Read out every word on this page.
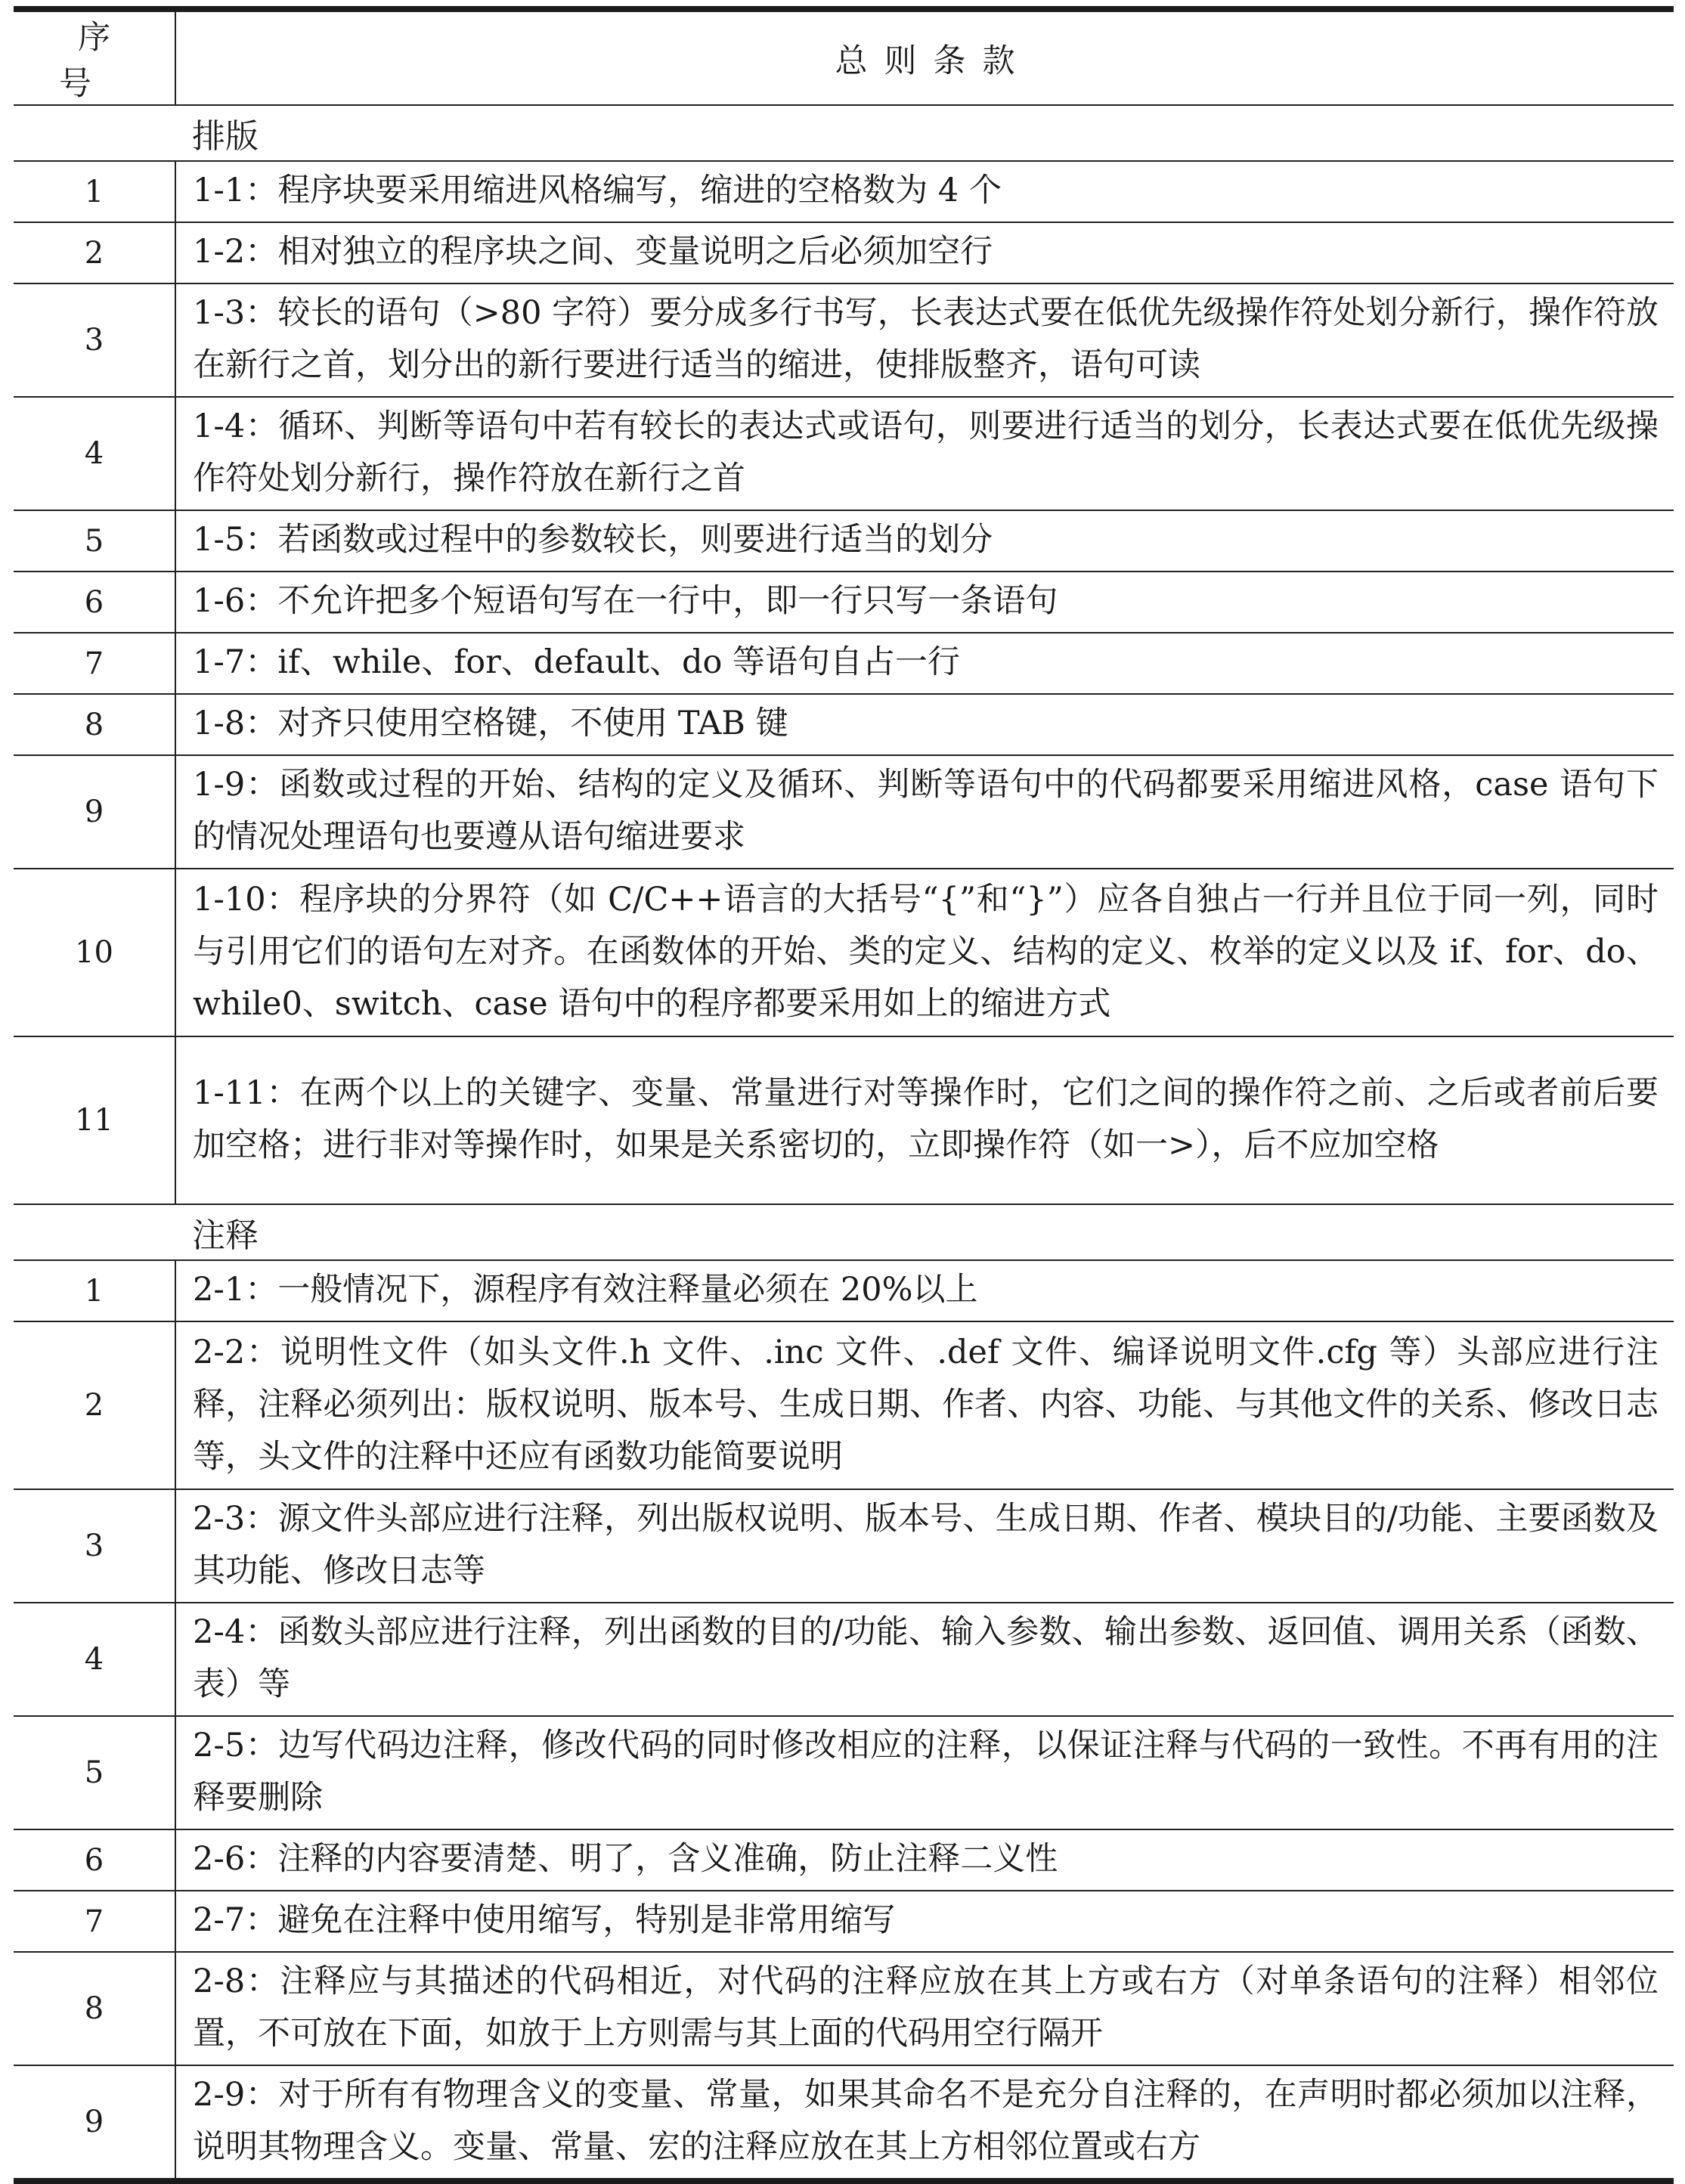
序号	总则条款
	排版
1	1-1：程序块要采用缩进风格编写，缩进的空格数为 4 个
2	1-2：相对独立的程序块之间、变量说明之后必须加空行
3	1-3：较长的语句（>80 字符）要分成多行书写，长表达式要在低优先级操作符处划分新行，操作符放在新行之首，划分出的新行要进行适当的缩进，使排版整齐，语句可读
4	1-4：循环、判断等语句中若有较长的表达式或语句，则要进行适当的划分，长表达式要在低优先级操作符处划分新行，操作符放在新行之首
5	1-5：若函数或过程中的参数较长，则要进行适当的划分
6	1-6：不允许把多个短语句写在一行中，即一行只写一条语句
7	1-7：if、while、for、default、do 等语句自占一行
8	1-8：对齐只使用空格键，不使用 TAB 键
9	1-9：函数或过程的开始、结构的定义及循环、判断等语句中的代码都要采用缩进风格，case 语句下的情况处理语句也要遵从语句缩进要求
10	1-10：程序块的分界符（如 C/C++语言的大括号“{”和“}”）应各自独占一行并且位于同一列，同时与引用它们的语句左对齐。在函数体的开始、类的定义、结构的定义、枚举的定义以及 if、for、do、while0、switch、case 语句中的程序都要采用如上的缩进方式
11	1-11：在两个以上的关键字、变量、常量进行对等操作时，它们之间的操作符之前、之后或者前后要加空格；进行非对等操作时，如果是关系密切的，立即操作符（如一>），后不应加空格
	注释
1	2-1：一般情况下，源程序有效注释量必须在 20%以上
2	2-2：说明性文件（如头文件.h 文件、.inc 文件、.def 文件、编译说明文件.cfg 等）头部应进行注释，注释必须列出：版权说明、版本号、生成日期、作者、内容、功能、与其他文件的关系、修改日志等，头文件的注释中还应有函数功能简要说明
3	2-3：源文件头部应进行注释，列出版权说明、版本号、生成日期、作者、模块目的/功能、主要函数及其功能、修改日志等
4	2-4：函数头部应进行注释，列出函数的目的/功能、输入参数、输出参数、返回值、调用关系（函数、表）等
5	2-5：边写代码边注释，修改代码的同时修改相应的注释，以保证注释与代码的一致性。不再有用的注释要删除
6	2-6：注释的内容要清楚、明了，含义准确，防止注释二义性
7	2-7：避免在注释中使用缩写，特别是非常用缩写
8	2-8：注释应与其描述的代码相近，对代码的注释应放在其上方或右方（对单条语句的注释）相邻位置，不可放在下面，如放于上方则需与其上面的代码用空行隔开
9	2-9：对于所有有物理含义的变量、常量，如果其命名不是充分自注释的，在声明时都必须加以注释，说明其物理含义。变量、常量、宏的注释应放在其上方相邻位置或右方
